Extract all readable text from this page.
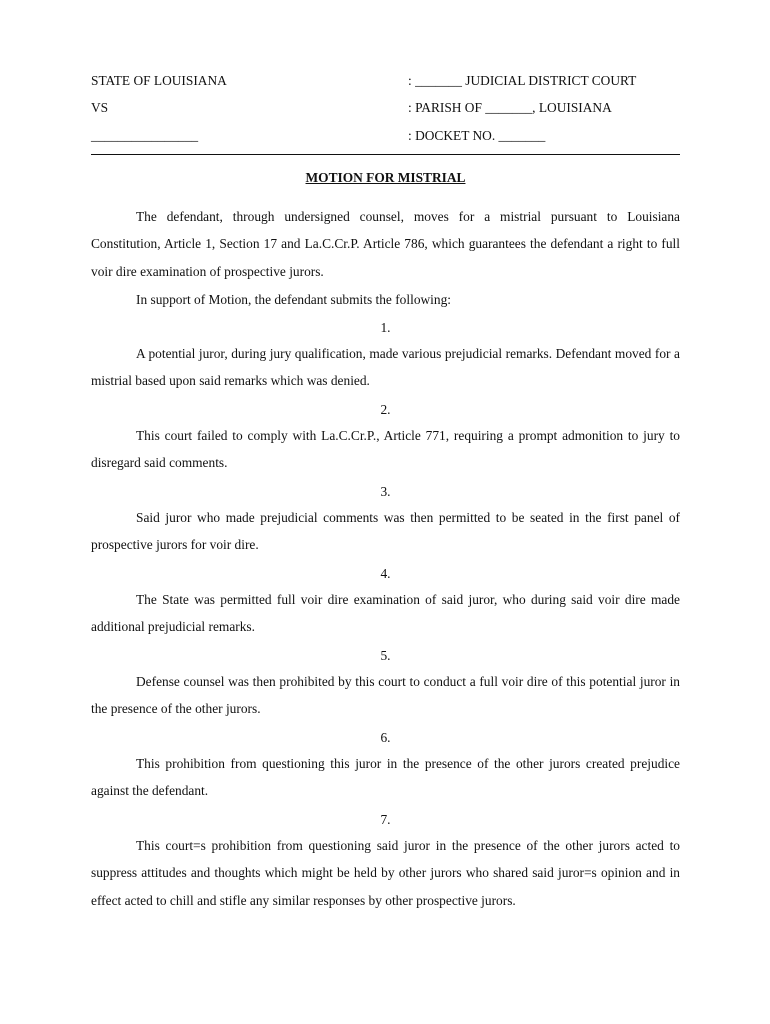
STATE OF LOUISIANA	: _______ JUDICIAL DISTRICT COURT
VS	: PARISH OF _______, LOUISIANA
________________	: DOCKET NO. _______
MOTION FOR MISTRIAL

The defendant, through undersigned counsel, moves for a mistrial pursuant to Louisiana Constitution, Article 1, Section 17 and La.C.Cr.P. Article 786, which guarantees the defendant a right to full voir dire examination of prospective jurors.

In support of Motion, the defendant submits the following:

1.

A potential juror, during jury qualification, made various prejudicial remarks. Defendant moved for a mistrial based upon said remarks which was denied.

2.

This court failed to comply with La.C.Cr.P., Article 771, requiring a prompt admonition to jury to disregard said comments.

3.

Said juror who made prejudicial comments was then permitted to be seated in the first panel of prospective jurors for voir dire.

4.

The State was permitted full voir dire examination of said juror, who during said voir dire made additional prejudicial remarks.

5.

Defense counsel was then prohibited by this court to conduct a full voir dire of this potential juror in the presence of the other jurors.

6.

This prohibition from questioning this juror in the presence of the other jurors created prejudice against the defendant.

7.

This court=s prohibition from questioning said juror in the presence of the other jurors acted to suppress attitudes and thoughts which might be held by other jurors who shared said juror=s opinion and in effect acted to chill and stifle any similar responses by other prospective jurors.
